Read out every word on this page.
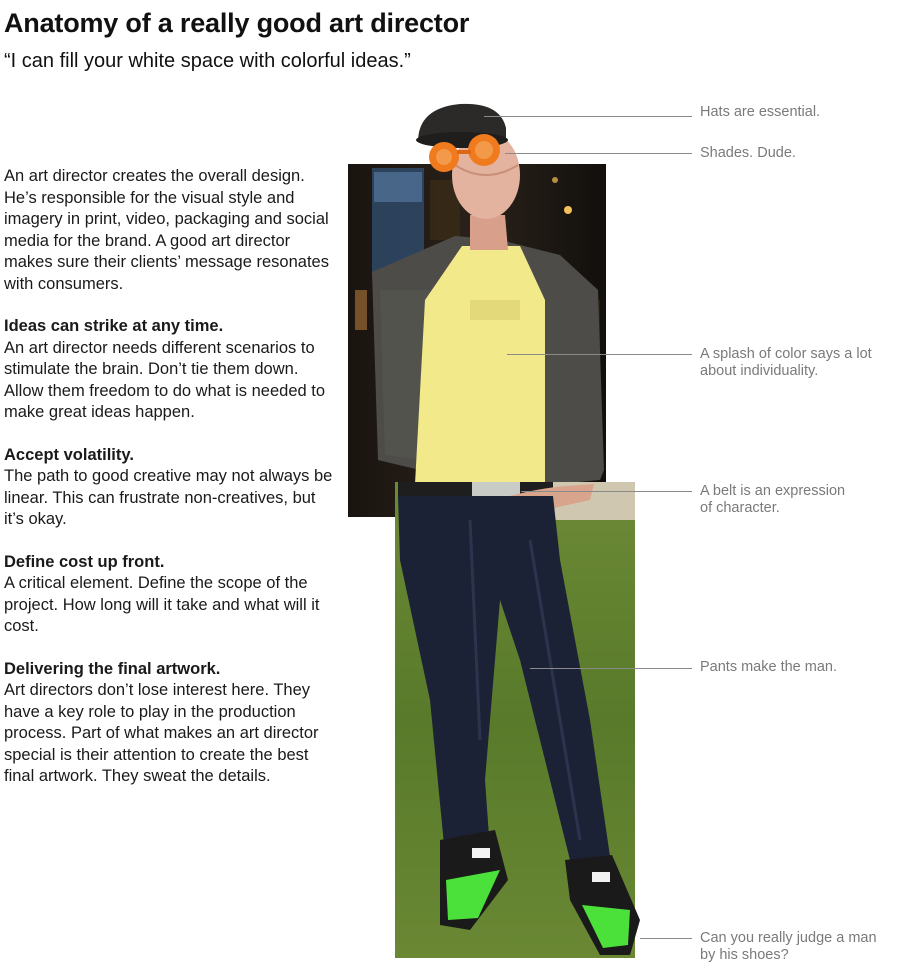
Anatomy of a really good art director

“I can fill your white space with colorful ideas.”

An art director creates the overall design. He’s responsible for the visual style and imagery in print, video, packaging and social media for the brand. A good art director makes sure their clients’ message resonates with consumers.

Ideas can strike at any time.
An art director needs different scenarios to stimulate the brain. Don’t tie them down. Allow them freedom to do what is needed to make great ideas happen.

Accept volatility.
The path to good creative may not always be linear. This can frustrate non-creatives, but it’s okay.

Define cost up front.
A critical element. Define the scope of the project. How long will it take and what will it cost.

Delivering the final artwork.
Art directors don’t lose interest here. They have a key role to play in the production process. Part of what makes an art director special is their attention to create the best final artwork. They sweat the details.

Hats are essential.
Shades. Dude.
A splash of color says a lot
about individuality.
A belt is an expression
of character.
Pants make the man.
Can you really judge a man
by his shoes?
